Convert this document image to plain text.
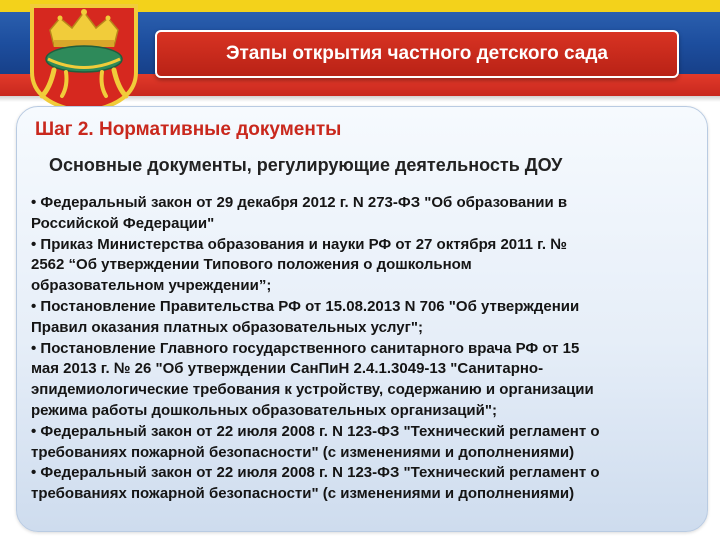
Этапы открытия частного детского сада
Шаг 2. Нормативные документы
Основные документы, регулирующие деятельность ДОУ
• Федеральный закон от 29 декабря 2012 г. N 273-ФЗ "Об образовании в
Российской Федерации"
• Приказ Министерства образования и науки РФ от 27 октября 2011 г. №
2562 “Об утверждении Типового положения о дошкольном
образовательном учреждении”;
• Постановление Правительства РФ от 15.08.2013 N 706 "Об утверждении
Правил оказания платных образовательных услуг";
• Постановление Главного государственного санитарного врача РФ от 15
мая 2013 г. № 26 "Об утверждении СанПиН 2.4.1.3049-13 "Санитарно-
эпидемиологические требования к устройству, содержанию и организации
режима работы дошкольных образовательных организаций";
• Федеральный закон от 22 июля 2008 г. N 123-ФЗ "Технический регламент о
требованиях пожарной безопасности" (с изменениями и дополнениями)
• Федеральный закон от 22 июля 2008 г. N 123-ФЗ "Технический регламент о
требованиях пожарной безопасности" (с изменениями и дополнениями)
